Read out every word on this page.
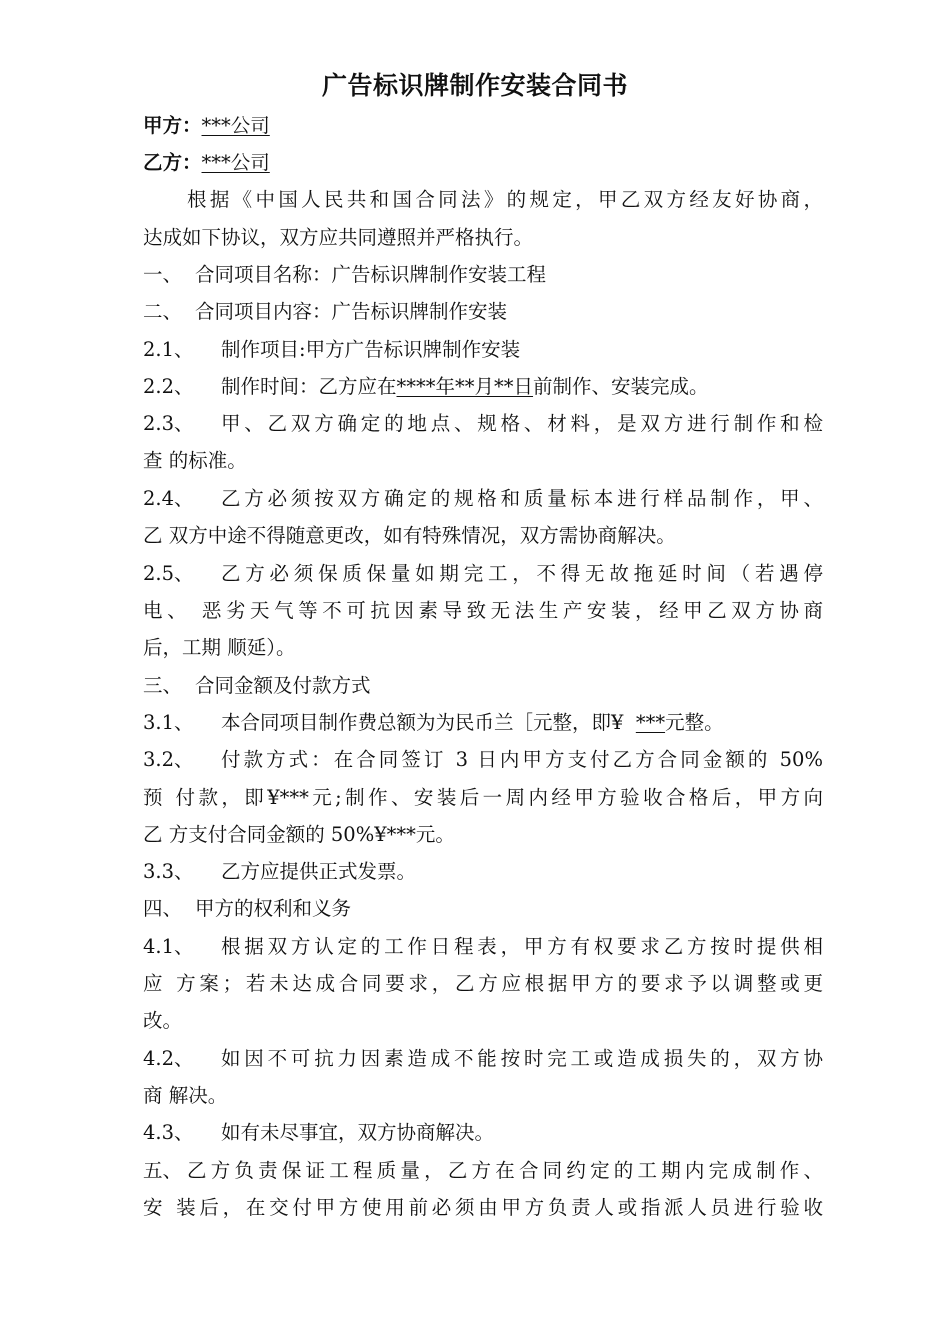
广告标识牌制作安装合同书
甲方：***公司
乙方：***公司
根据《中国人民共和国合同法》的规定，甲乙双方经友好协商，
达成如下协议，双方应共同遵照并严格执行。
一、 合同项目名称：广告标识牌制作安装工程
二、 合同项目内容：广告标识牌制作安装
2.1、 制作项目:甲方广告标识牌制作安装
2.2、 制作时间：乙方应在****年**月**日前制作、安装完成。
甲、乙双方确定的地点、规格、材料，是双方进行制作和检
2.3、
查 的标准。
2.4、	乙方必须按双方确定的规格和质量标本进行样品制作，甲、
乙 双方中途不得随意更改，如有特殊情况，双方需协商解决。
2.5、	乙方必须保质保量如期完工，不得无故拖延时间（若遇停
电、 恶劣天气等不可抗因素导致无法生产安装，经甲乙双方协商
后，工期 顺延）。
三、 合同金额及付款方式
3.1、 本合同项目制作费总额为为民币兰［元整，即¥  ***元整。
3.2、	付款方式：在合同签订 3 日内甲方支付乙方合同金额的 50%
预 付款，即¥***元;制作、安装后一周内经甲方验收合格后，甲方向
乙 方支付合同金额的 50%¥***元。
3.3、 乙方应提供正式发票。
四、 甲方的权利和义务
4.1、	根据双方认定的工作日程表，甲方有权要求乙方按时提供相
应 方案；若未达成合同要求，乙方应根据甲方的要求予以调整或更
改。
4.2、	如因不可抗力因素造成不能按时完工或造成损失的，双方协
商 解决。
4.3、 如有未尽事宜，双方协商解决。
五、 乙方负责保证工程质量，乙方在合同约定的工期内完成制作、
安 装后，在交付甲方使用前必须由甲方负责人或指派人员进行验收
